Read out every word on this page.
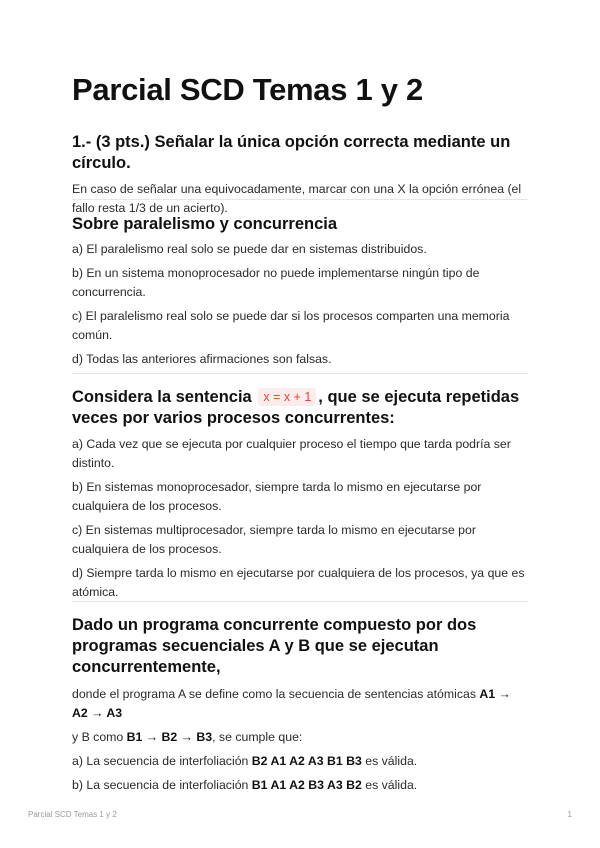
Parcial SCD Temas 1 y 2

1.- (3 pts.) Señalar la única opción correcta mediante un círculo.

En caso de señalar una equivocadamente, marcar con una X la opción errónea (el fallo resta 1/3 de un acierto).

Sobre paralelismo y concurrencia

a) El paralelismo real solo se puede dar en sistemas distribuidos.

b) En un sistema monoprocesador no puede implementarse ningún tipo de concurrencia.

c) El paralelismo real solo se puede dar si los procesos comparten una memoria común.

d) Todas las anteriores afirmaciones son falsas.

Considera la sentencia x = x + 1 , que se ejecuta repetidas veces por varios procesos concurrentes:

a) Cada vez que se ejecuta por cualquier proceso el tiempo que tarda podría ser distinto.

b) En sistemas monoprocesador, siempre tarda lo mismo en ejecutarse por cualquiera de los procesos.

c) En sistemas multiprocesador, siempre tarda lo mismo en ejecutarse por cualquiera de los procesos.

d) Siempre tarda lo mismo en ejecutarse por cualquiera de los procesos, ya que es atómica.

Dado un programa concurrente compuesto por dos programas secuenciales A y B que se ejecutan concurrentemente,

donde el programa A se define como la secuencia de sentencias atómicas A1 → A2 → A3

y B como B1 → B2 → B3, se cumple que:

a) La secuencia de interfoliación B2 A1 A2 A3 B1 B3 es válida.

b) La secuencia de interfoliación B1 A1 A2 B3 A3 B2 es válida.

Parcial SCD Temas 1 y 2	1
